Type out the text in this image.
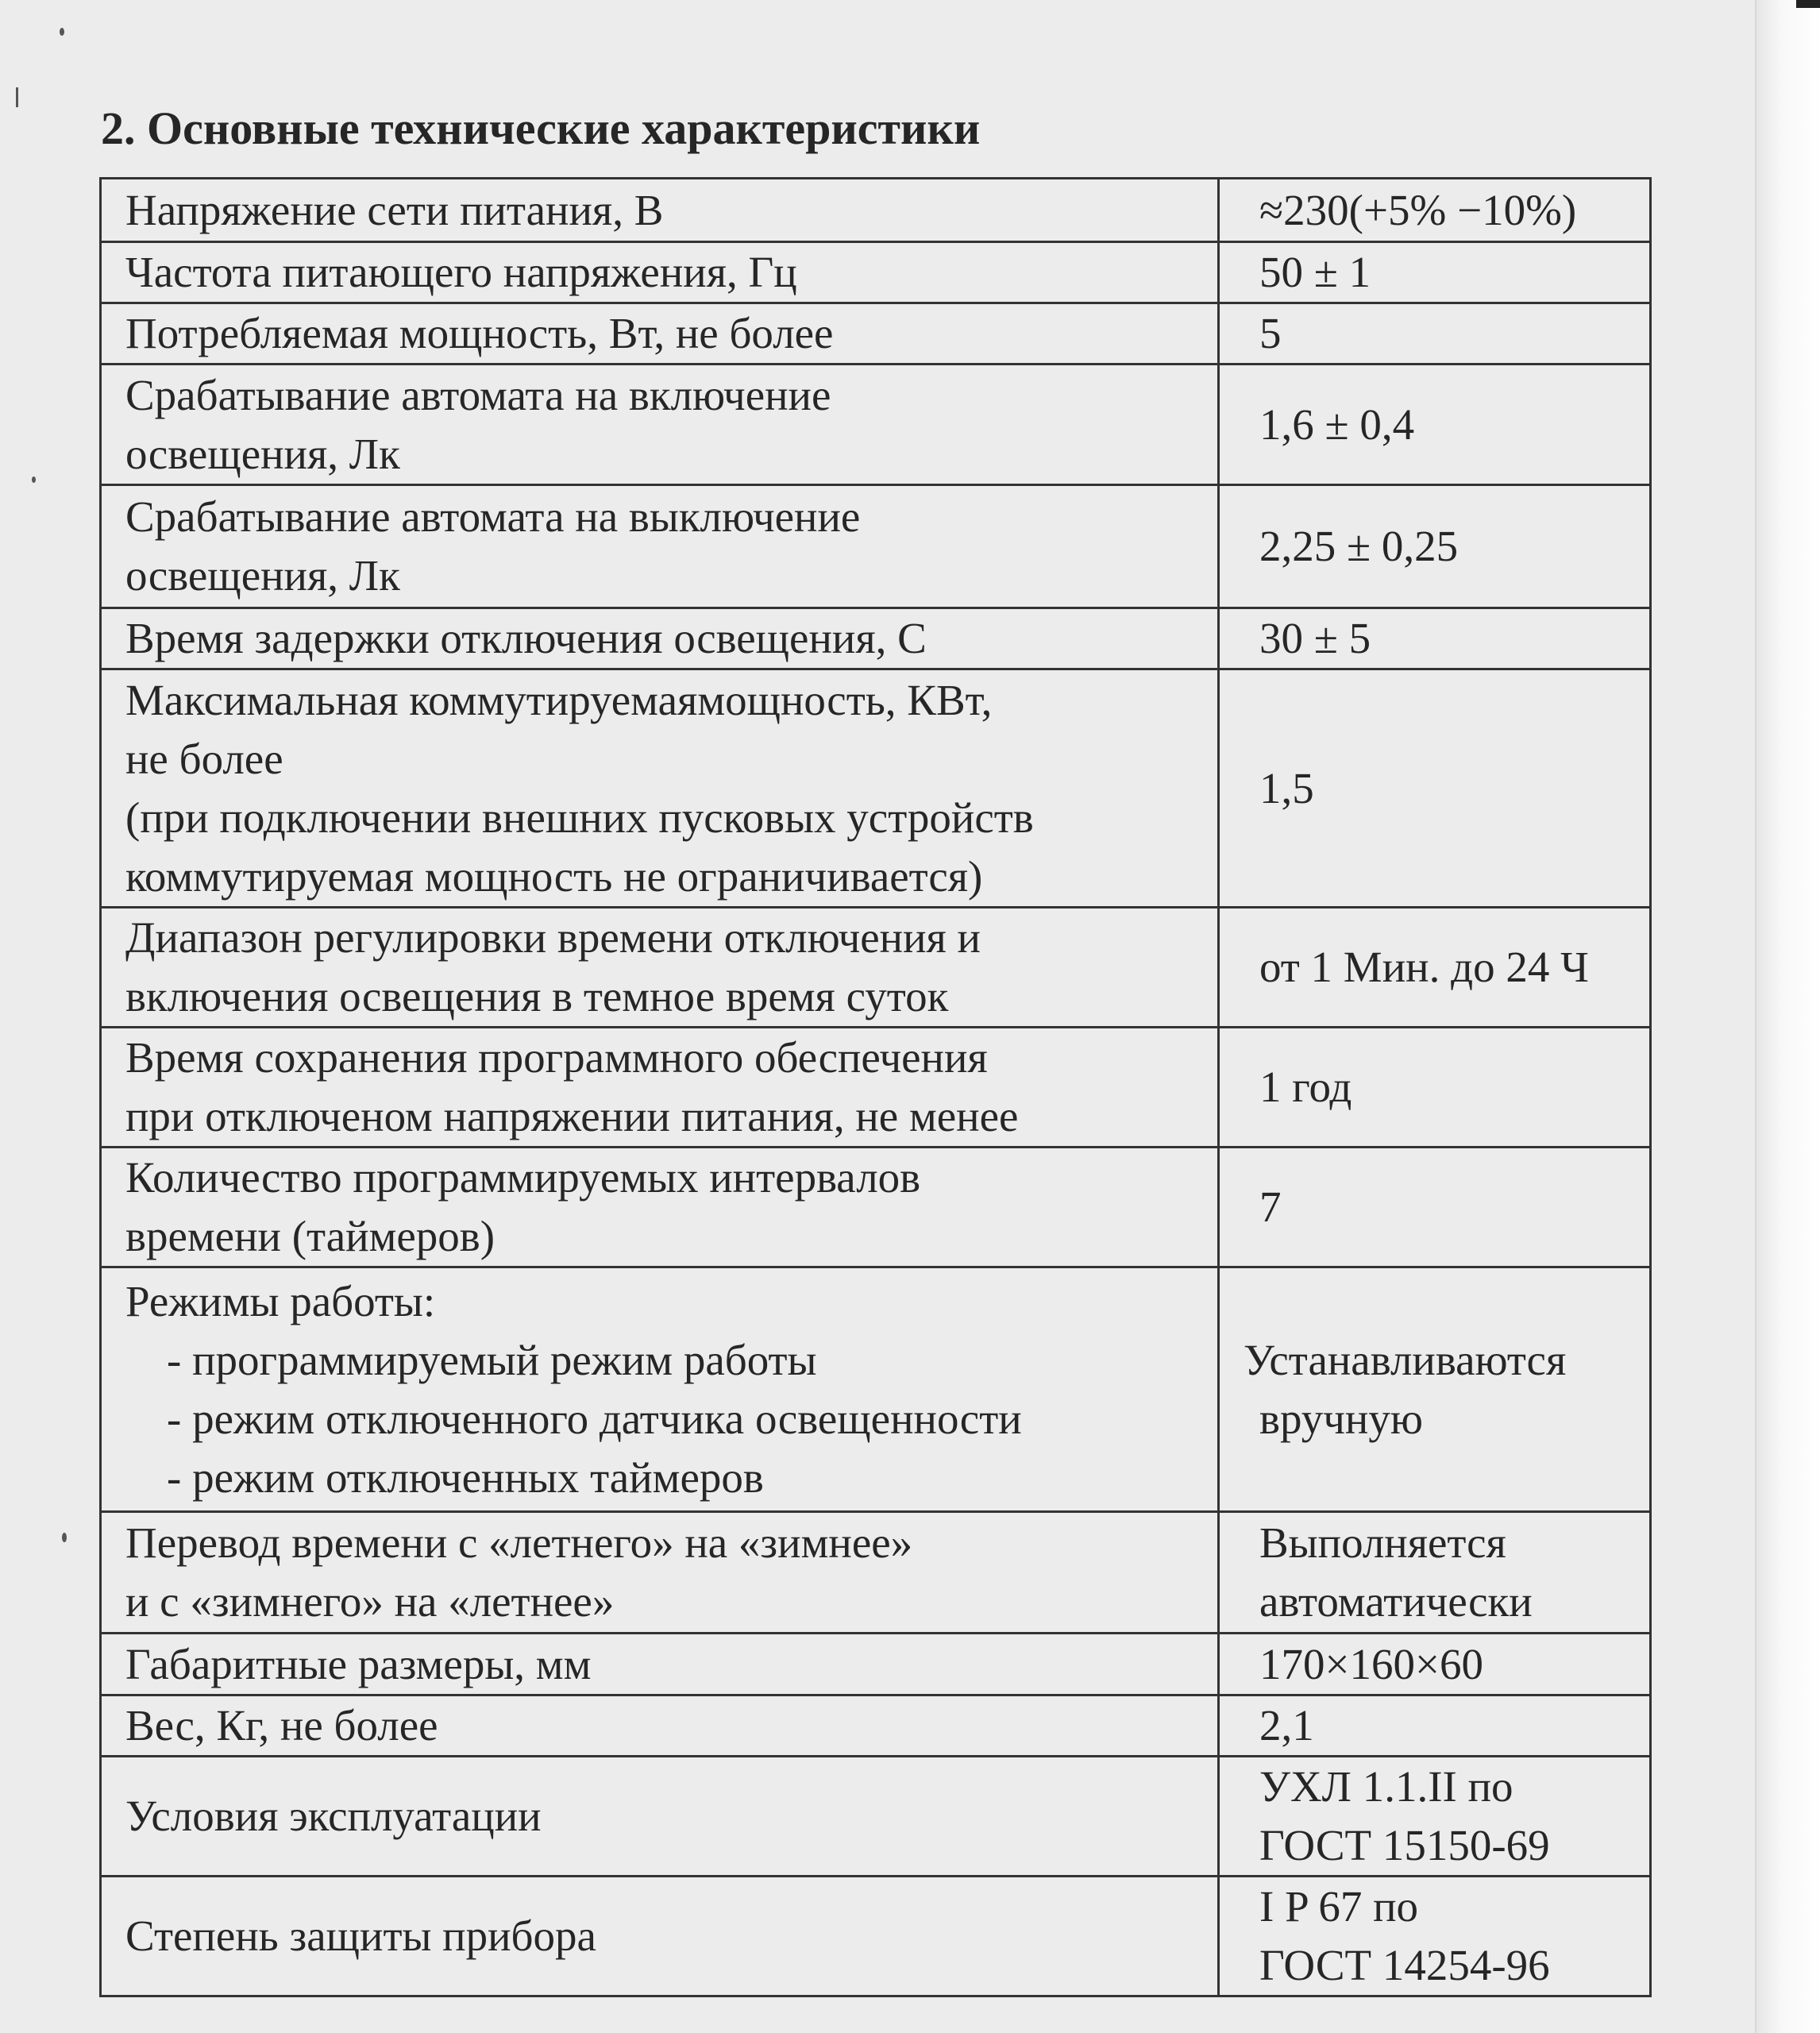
2. Основные технические характеристики
Напряжение сети питания, В	≈230(+5% −10%)

Частота питающего напряжения, Гц	50 ± 1

Потребляемая мощность, Вт, не более	5

Срабатывание автомата на включение
освещения, Лк	1,6 ± 0,4

Срабатывание автомата на выключение
освещения, Лк	2,25 ± 0,25

Время задержки отключения освещения, С	30 ± 5

Максимальная коммутируемаямощность, КВт,
не более
(при подключении внешних пусковых устройств
коммутируемая мощность не ограничивается)	1,5

Диапазон регулировки времени отключения и
включения освещения в темное время суток	от 1 Мин. до 24 Ч

Время сохранения программного обеспечения
при отключеном напряжении питания, не менее	1 год

Количество программируемых интервалов
времени (таймеров)	7

Режимы работы:
- программируемый режим работы
- режим отключенного датчика освещенности
- режим отключенных таймеров	Устанавливаются
вручную

Перевод времени с «летнего» на «зимнее»
и с «зимнего» на «летнее»	Выполняется
автоматически

Габаритные размеры, мм	170×160×60

Вес, Кг, не более	2,1

Условия эксплуатации	УХЛ 1.1.II по
ГОСТ 15150-69

Степень защиты прибора	I P 67 по
ГОСТ 14254-96
